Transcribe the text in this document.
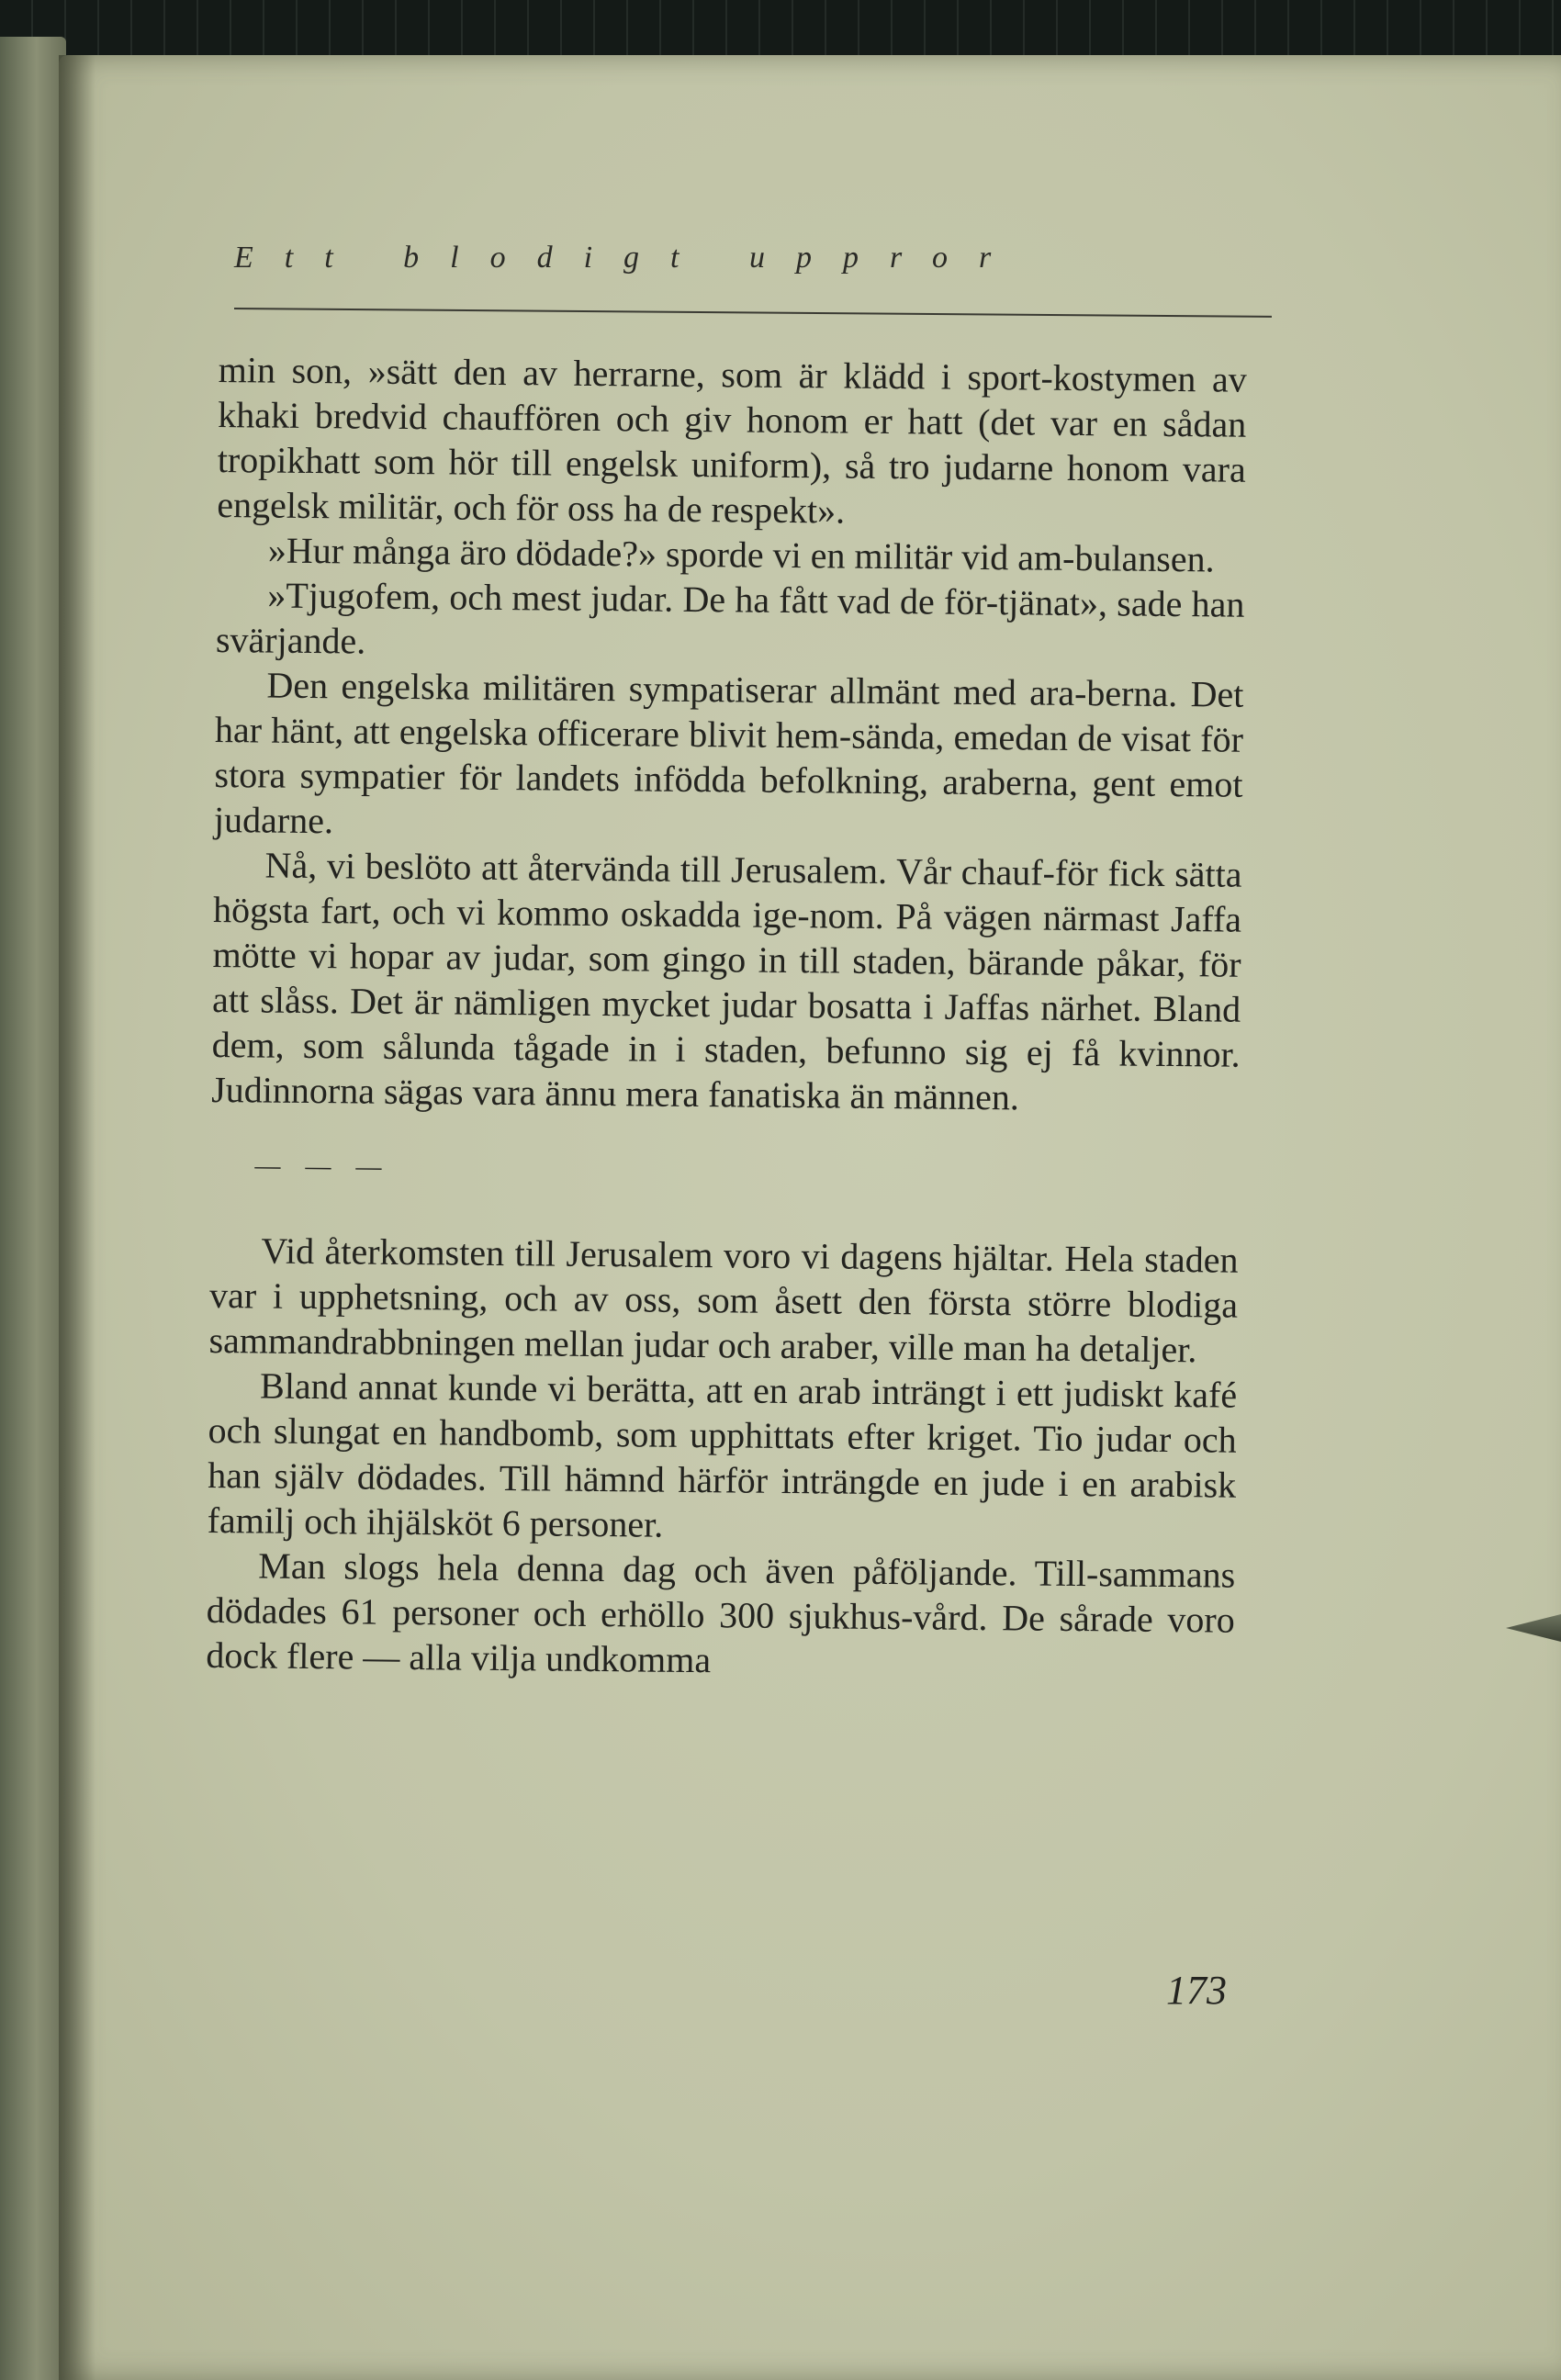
Ett blodigt uppror

min son, »sätt den av herrarne, som är klädd i sport-kostymen av khaki bredvid chauffören och giv honom er hatt (det var en sådan tropikhatt som hör till engelsk uniform), så tro judarne honom vara engelsk militär, och för oss ha de respekt».

»Hur många äro dödade?» sporde vi en militär vid am-bulansen.

»Tjugofem, och mest judar. De ha fått vad de för-tjänat», sade han svärjande.

Den engelska militären sympatiserar allmänt med ara-berna. Det har hänt, att engelska officerare blivit hem-sända, emedan de visat för stora sympatier för landets infödda befolkning, araberna, gent emot judarne.

Nå, vi beslöto att återvända till Jerusalem. Vår chauf-för fick sätta högsta fart, och vi kommo oskadda ige-nom. På vägen närmast Jaffa mötte vi hopar av judar, som gingo in till staden, bärande påkar, för att slåss. Det är nämligen mycket judar bosatta i Jaffas närhet. Bland dem, som sålunda tågade in i staden, befunno sig ej få kvinnor. Judinnorna sägas vara ännu mera fanatiska än männen.

— — —

Vid återkomsten till Jerusalem voro vi dagens hjältar. Hela staden var i upphetsning, och av oss, som åsett den första större blodiga sammandrabbningen mellan judar och araber, ville man ha detaljer.

Bland annat kunde vi berätta, att en arab inträngt i ett judiskt kafé och slungat en handbomb, som upphittats efter kriget. Tio judar och han själv dödades. Till hämnd härför inträngde en jude i en arabisk familj och ihjälsköt 6 personer.

Man slogs hela denna dag och även påföljande. Till-sammans dödades 61 personer och erhöllo 300 sjukhus-vård. De sårade voro dock flere — alla vilja undkomma

173
